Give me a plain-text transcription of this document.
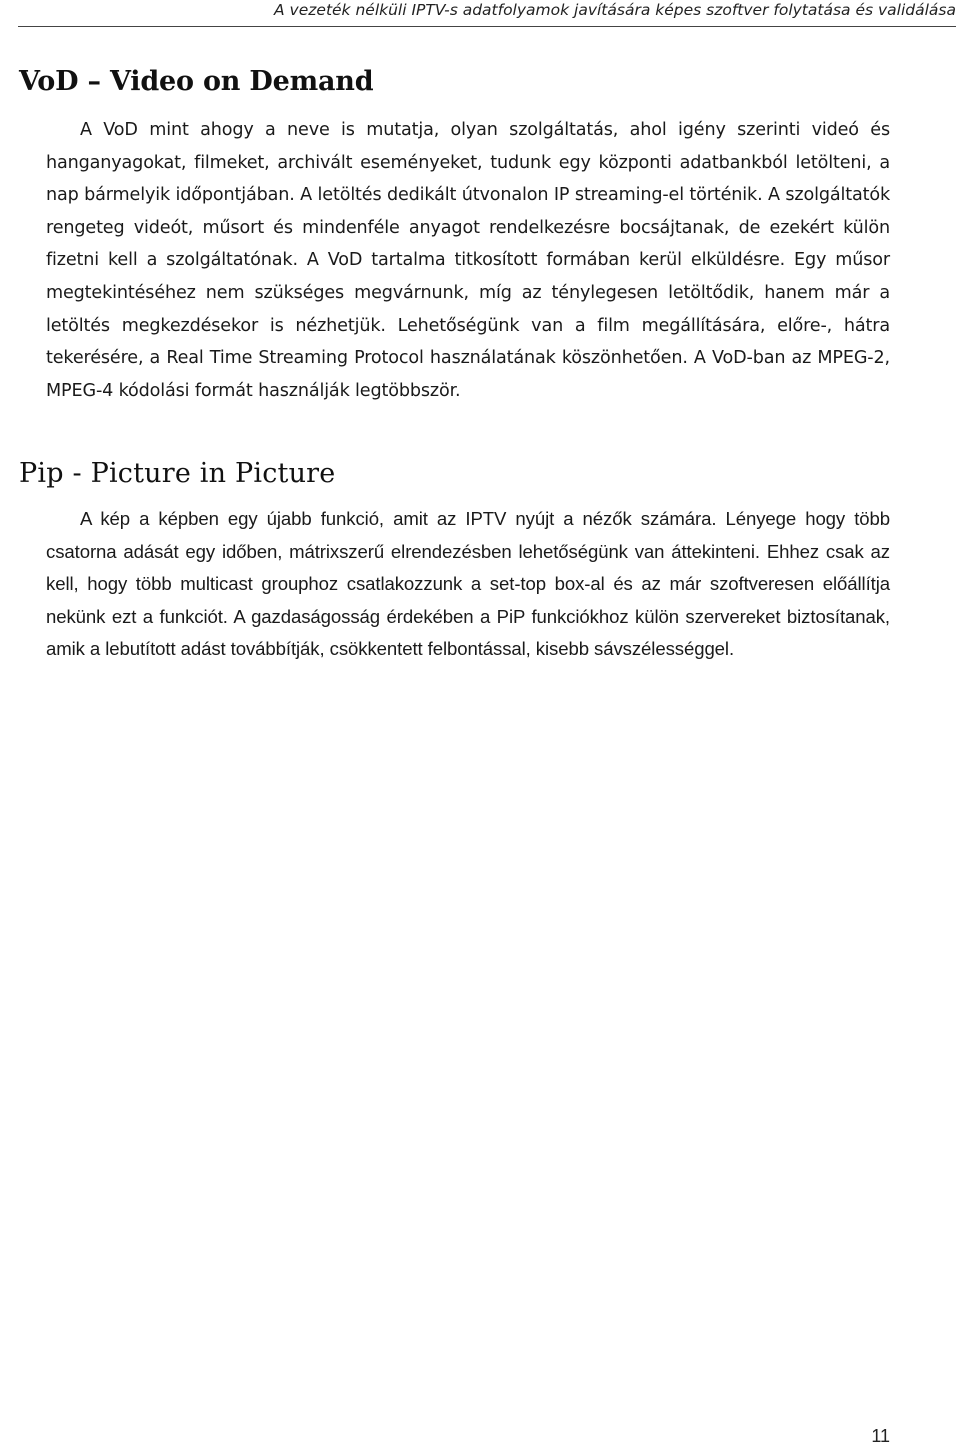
A vezeték nélküli IPTV-s adatfolyamok javítására képes szoftver folytatása és validálása
VoD – Video on Demand

A VoD mint ahogy a neve is mutatja, olyan szolgáltatás, ahol igény szerinti videó és hanganyagokat, filmeket, archivált eseményeket, tudunk egy központi adatbankból letölteni, a nap bármelyik időpontjában. A letöltés dedikált útvonalon IP streaming-el történik. A szolgáltatók rengeteg videót, műsort és mindenféle anyagot rendelkezésre bocsájtanak, de ezekért külön fizetni kell a szolgáltatónak. A VoD tartalma titkosított formában kerül elküldésre. Egy műsor megtekintéséhez nem szükséges megvárnunk, míg az ténylegesen letöltődik, hanem már a letöltés megkezdésekor is nézhetjük. Lehetőségünk van a film megállítására, előre-, hátra tekerésére, a Real Time Streaming Protocol használatának köszönhetően. A VoD-ban az MPEG-2, MPEG-4 kódolási formát használják legtöbbször.

Pip - Picture in Picture

A kép a képben egy újabb funkció, amit az IPTV nyújt a nézők számára. Lényege hogy több csatorna adását egy időben, mátrixszerű elrendezésben lehetőségünk van áttekinteni. Ehhez csak az kell, hogy több multicast grouphoz csatlakozzunk a set-top box-al és az már szoftveresen előállítja nekünk ezt a funkciót. A gazdaságosság érdekében a PiP funkciókhoz külön szervereket biztosítanak, amik a lebutított adást továbbítják, csökkentett felbontással, kisebb sávszélességgel.

11
